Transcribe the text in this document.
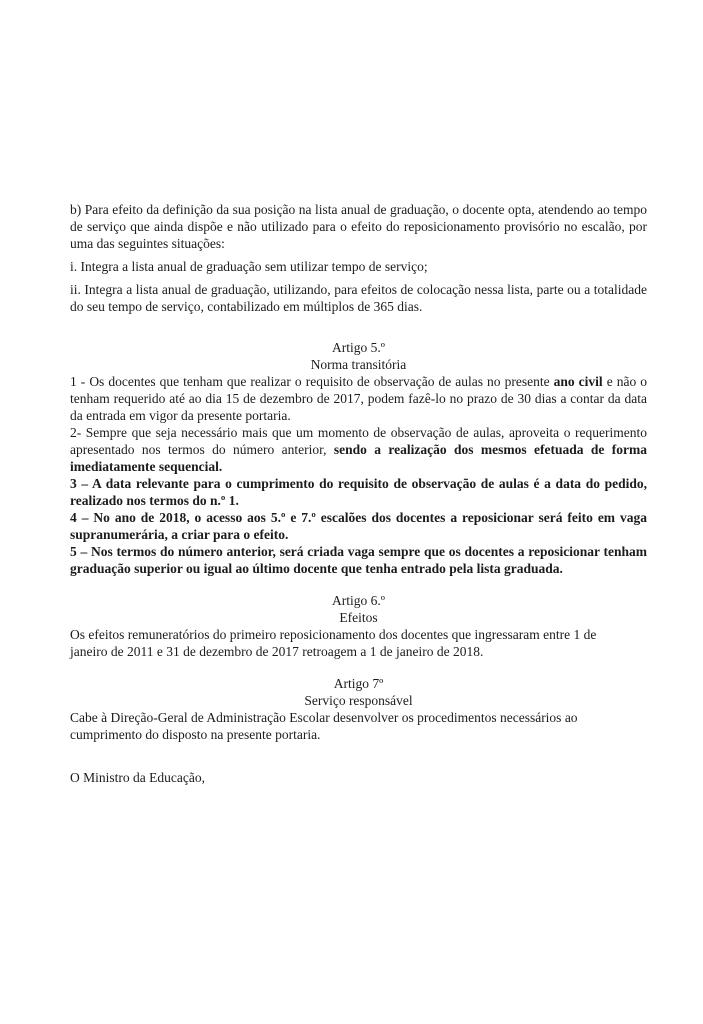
b) Para efeito da definição da sua posição na lista anual de graduação, o docente opta, atendendo ao tempo de serviço que ainda dispõe e não utilizado para o efeito do reposicionamento provisório no escalão, por uma das seguintes situações:

i. Integra a lista anual de graduação sem utilizar tempo de serviço;

ii. Integra a lista anual de graduação, utilizando, para efeitos de colocação nessa lista, parte ou a totalidade do seu tempo de serviço, contabilizado em múltiplos de 365 dias.

Artigo 5.º

Norma transitória

1 - Os docentes que tenham que realizar o requisito de observação de aulas no presente ano civil e não o tenham requerido até ao dia 15 de dezembro de 2017, podem fazê-lo no prazo de 30 dias a contar da data da entrada em vigor da presente portaria.

2- Sempre que seja necessário mais que um momento de observação de aulas, aproveita o requerimento apresentado nos termos do número anterior, sendo a realização dos mesmos efetuada de forma imediatamente sequencial.

3 – A data relevante para o cumprimento do requisito de observação de aulas é a data do pedido, realizado nos termos do n.º 1.

4 – No ano de 2018, o acesso aos 5.º e 7.º escalões dos docentes a reposicionar será feito em vaga supranumerária, a criar para o efeito.

5 – Nos termos do número anterior, será criada vaga sempre que os docentes a reposicionar tenham graduação superior ou igual ao último docente que tenha entrado pela lista graduada.

Artigo 6.º

Efeitos

Os efeitos remuneratórios do primeiro reposicionamento dos docentes que ingressaram entre 1 de

janeiro de 2011 e 31 de dezembro de 2017 retroagem a 1 de janeiro de 2018.

Artigo 7º

Serviço responsável

Cabe à Direção-Geral de Administração Escolar desenvolver os procedimentos necessários ao

cumprimento do disposto na presente portaria.

O Ministro da Educação,
